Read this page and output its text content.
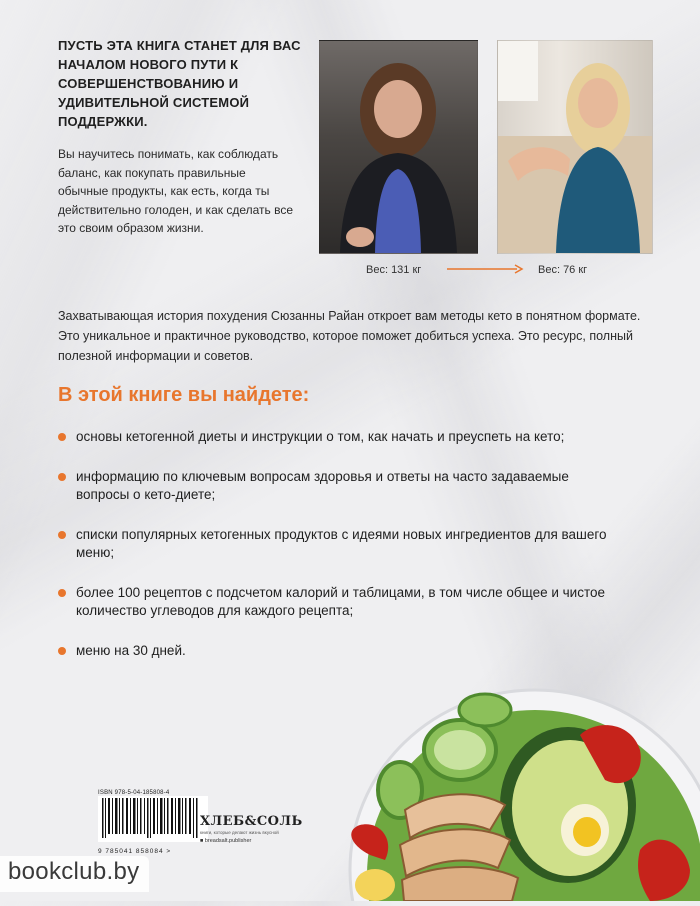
ПУСТЬ ЭТА КНИГА СТАНЕТ ДЛЯ ВАС НАЧАЛОМ НОВОГО ПУТИ К СОВЕРШЕНСТВОВАНИЮ И УДИВИТЕЛЬНОЙ СИСТЕМОЙ ПОДДЕРЖКИ.
Вы научитесь понимать, как соблюдать баланс, как покупать правильные обычные продукты, как есть, когда ты действительно голоден, и как сделать все это своим образом жизни.
Вес: 131 кг	Вес: 76 кг
Захватывающая история похудения Сюзанны Райан откроет вам методы кето в понятном формате. Это уникальное и практичное руководство, которое поможет добиться успеха. Это ресурс, полный полезной информации и советов.
В этой книге вы найдете:
основы кетогенной диеты и инструкции о том, как начать и преуспеть на кето;
информацию по ключевым вопросам здоровья и ответы на часто задаваемые вопросы о кето-диете;
списки популярных кетогенных продуктов с идеями новых ингредиентов для вашего меню;
более 100 рецептов с подсчетом калорий и таблицами, в том числе общее и чистое количество углеводов для каждого рецепта;
меню на 30 дней.
ISBN 978-5-04-185808-4
9 785041 858084 >
ХЛЕБ&СОЛЬ
книги, которые делают жизнь вкусной
■ breadsalt.publisher
bookclub.by
